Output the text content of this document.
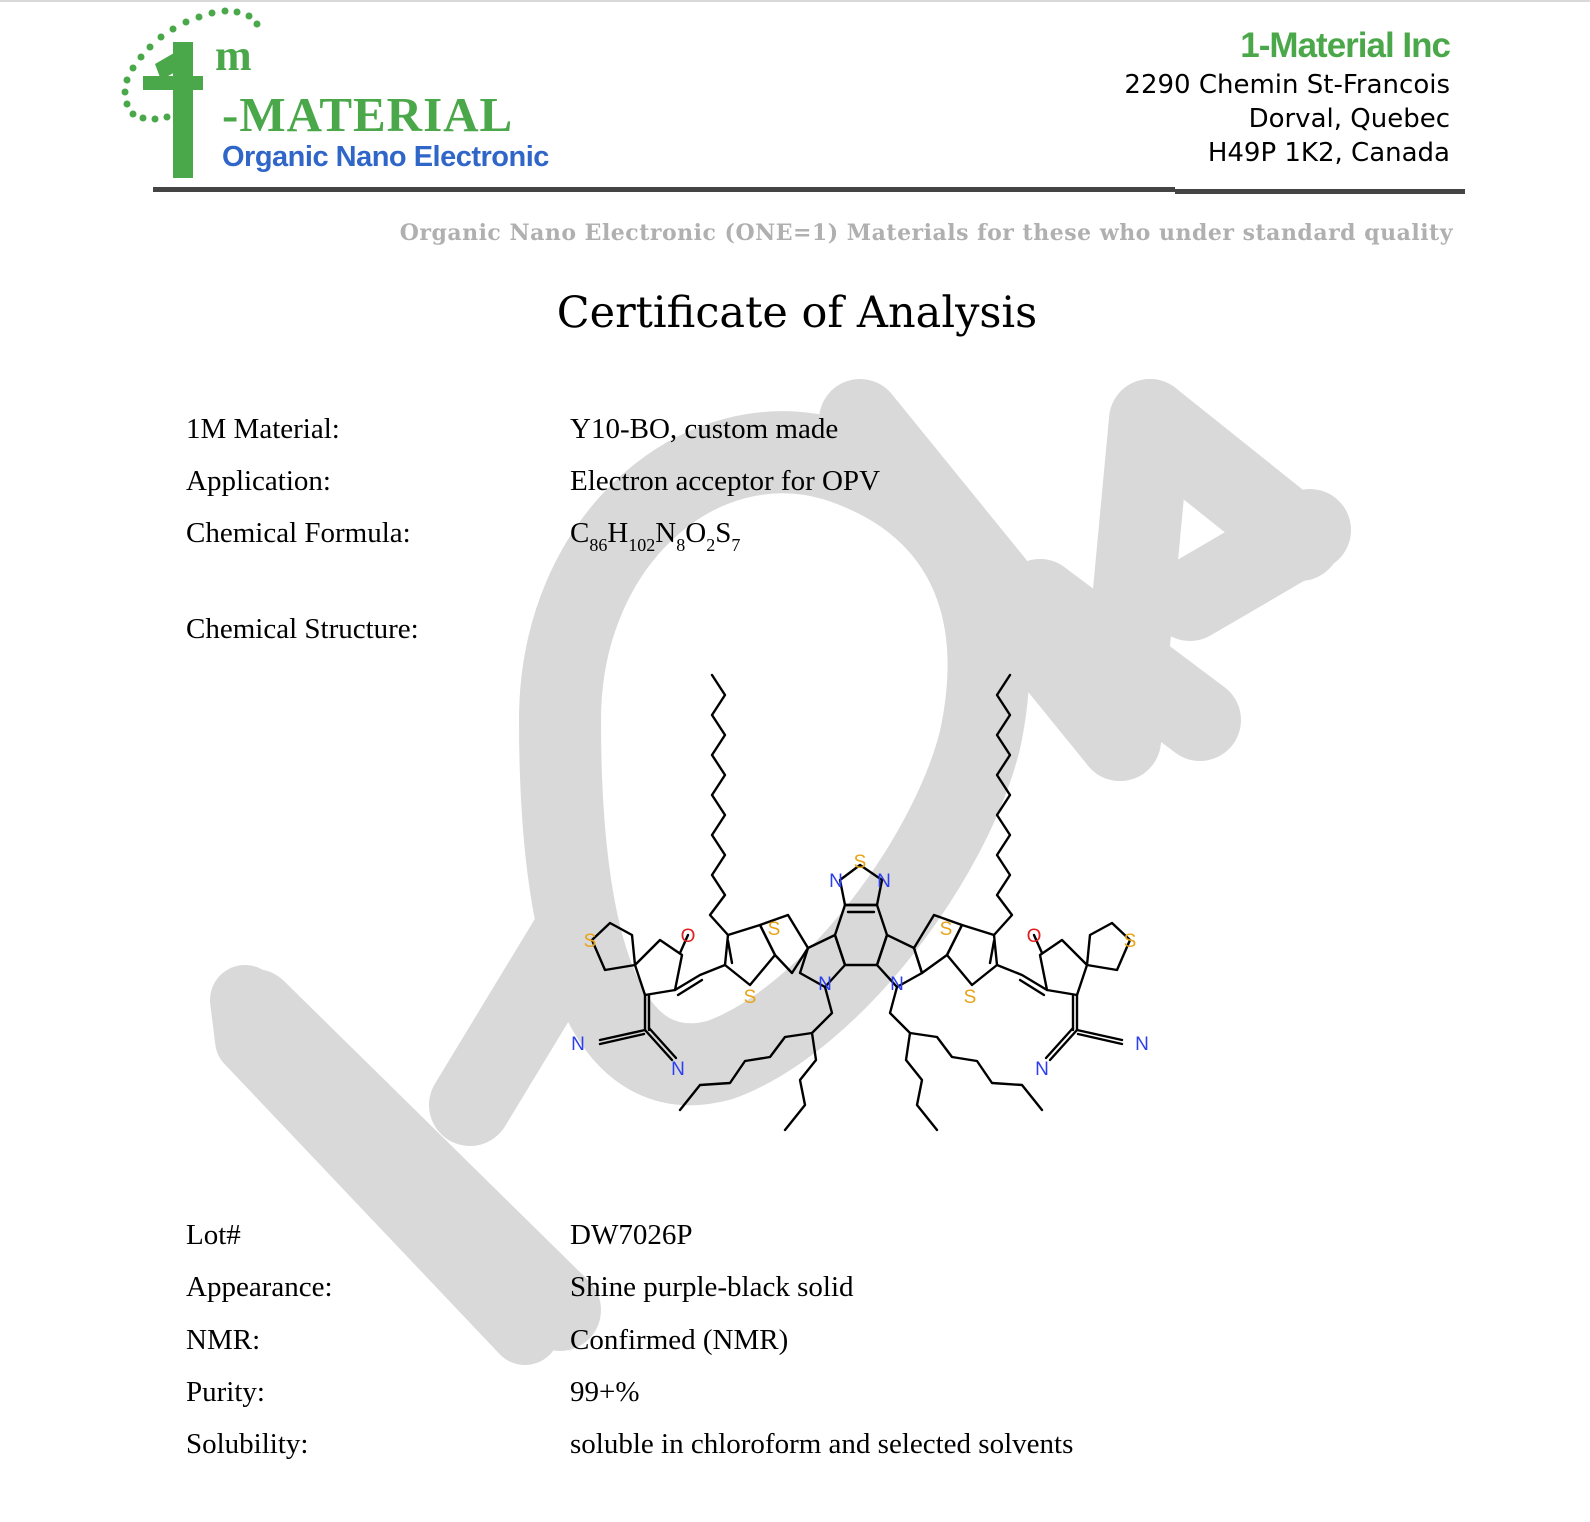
m

-MATERIAL

Organic Nano Electronic

1-Material Inc
2290 Chemin St-Francois
Dorval, Quebec
H49P 1K2, Canada

Organic Nano Electronic (ONE=1) Materials for these who under standard quality

Certificate of Analysis
1M Material:	Y10-BO, custom made
Application:	Electron acceptor for OPV
Chemical Formula:	$C_{86}H_{102}N_8O_2S_7$
Chemical Structure:
S
N N
S	S
S	S
N	N
S	S
O	O
N
N
N
N
Lot#	DW7026P
Appearance:	Shine purple-black solid
NMR:	Confirmed (NMR)
Purity:	99+%
Solubility:	soluble in chloroform and selected solvents
